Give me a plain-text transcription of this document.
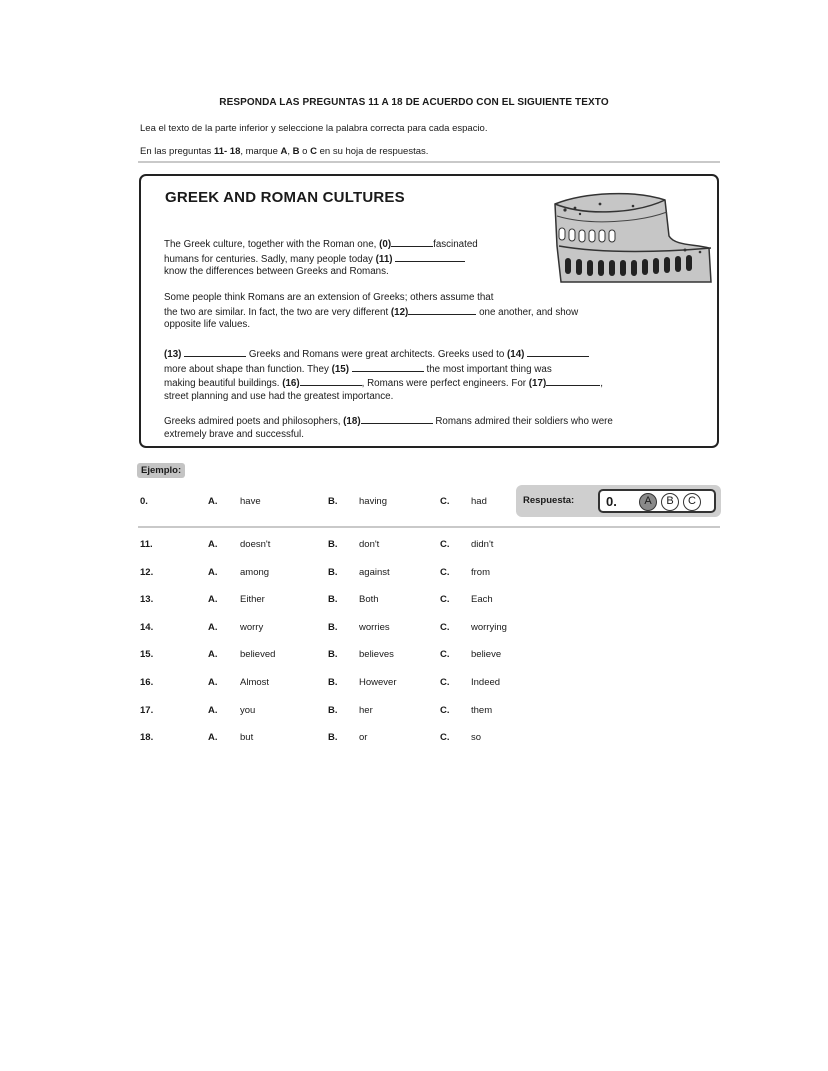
RESPONDA LAS PREGUNTAS 11 A 18 DE ACUERDO CON EL SIGUIENTE TEXTO
Lea el texto de la parte inferior y seleccione la palabra correcta para cada espacio.
En las preguntas 11- 18, marque A, B o C en su hoja de respuestas.
GREEK AND ROMAN CULTURES
The Greek culture, together with the Roman one, (0)	fascinated
humans for centuries. Sadly, many people today (11)
know the differences between Greeks and Romans.
Some people think Romans are an extension of Greeks; others assume that
the two are similar. In fact, the two are very different (12)	one another, and show
opposite life values.
(13)	Greeks and Romans were great architects. Greeks used to (14)
more about shape than function. They (15)	the most important thing was
making beautiful buildings. (16)	, Romans were perfect engineers. For (17)	,
street planning and use had the greatest importance.
Greeks admired poets and philosophers, (18)	Romans admired their soldiers who were
extremely brave and successful.
Ejemplo:
0.	A. have	B. having	C. had	Respuesta: 0.	A	B	C
11.	A. doesn't	B. don't	C. didn't
12.	A. among	B. against	C. from
13.	A. Either	B. Both	C. Each
14.	A. worry	B. worries	C. worrying
15.	A. believed	B. believes	C. believe
16.	A. Almost	B. However	C. Indeed
17.	A. you	B. her	C. them
18.	A. but	B. or	C. so
